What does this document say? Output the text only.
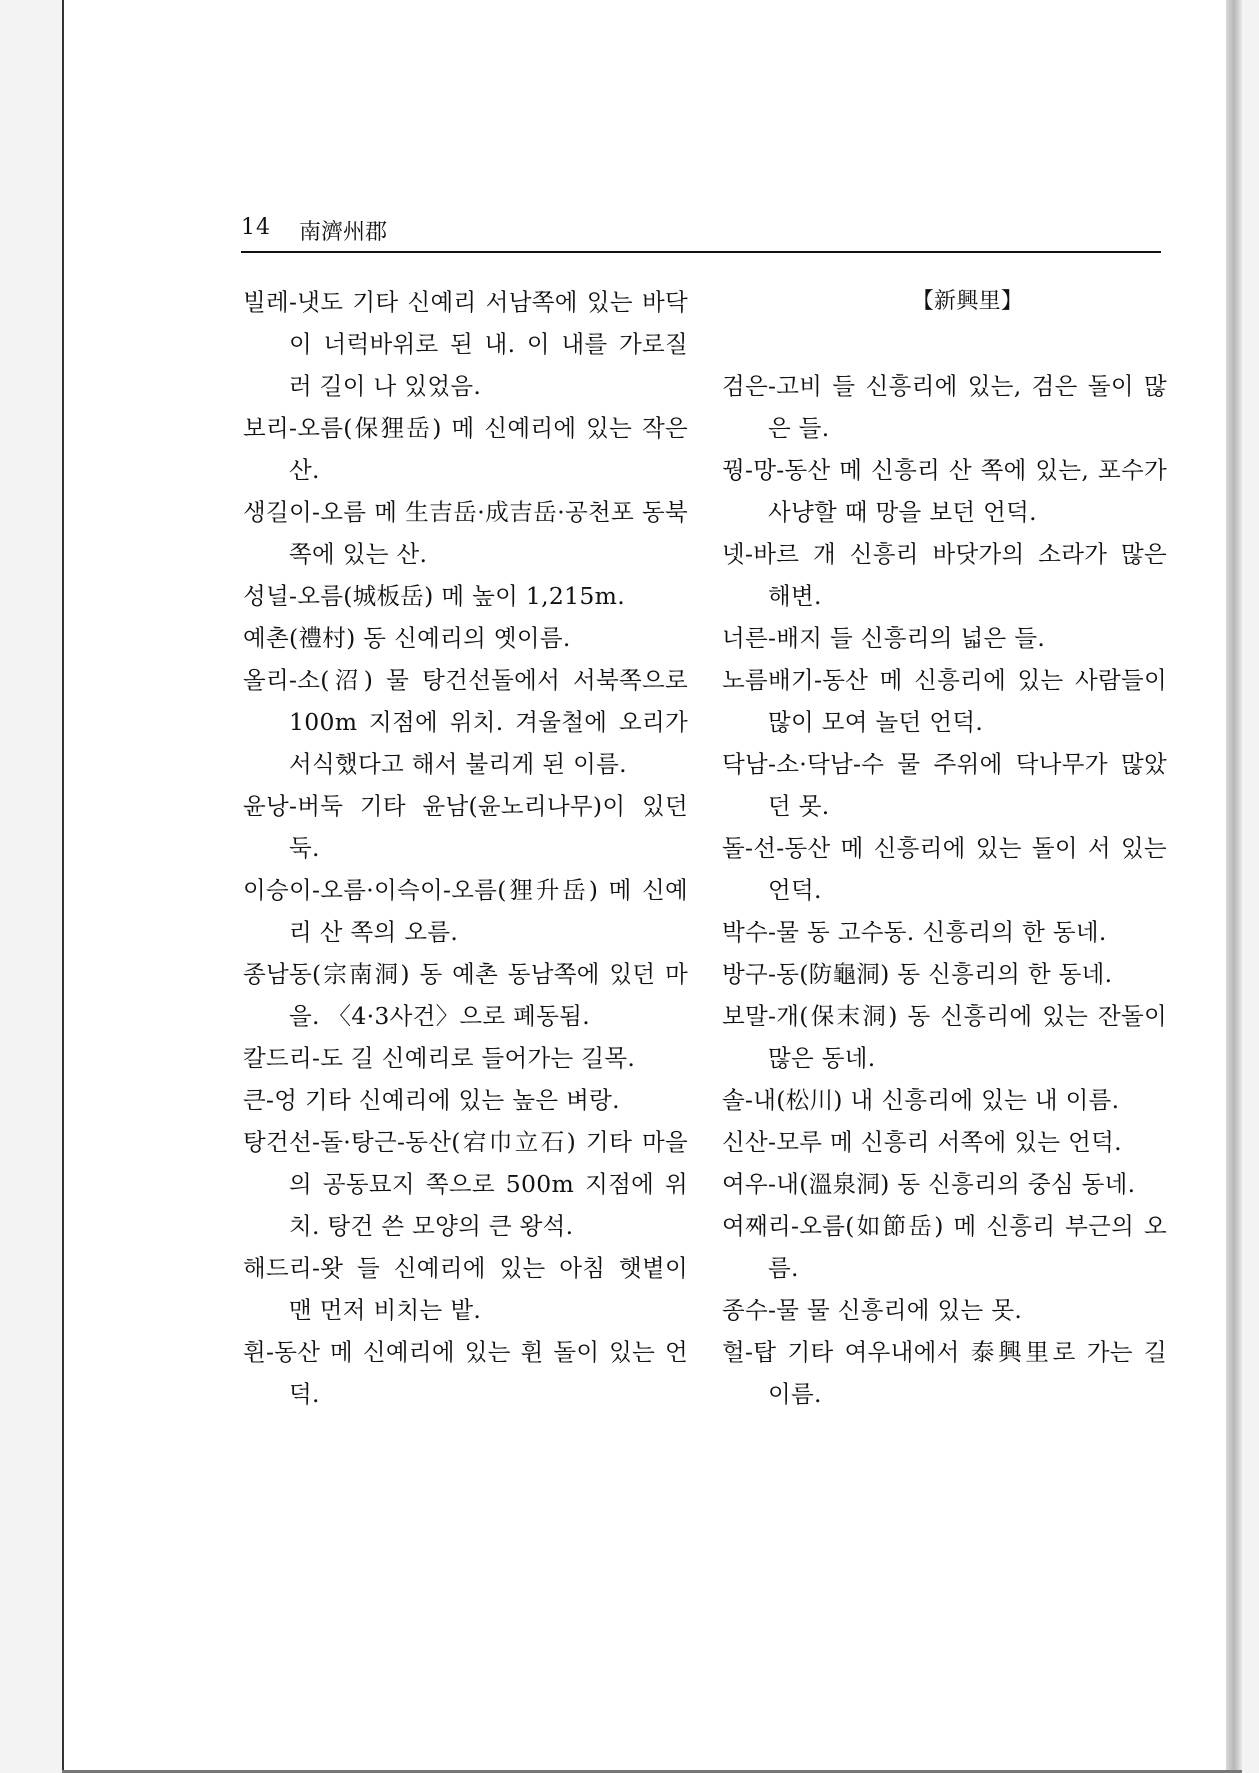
14 南濟州郡
빌레-냇도 기타 신예리 서남쪽에 있는 바닥이 너럭바위로 된 내. 이 내를 가로질러 길이 나 있었음.
보리-오름(保狸岳) 메 신예리에 있는 작은 산.
생길이-오름 메 生吉岳·成吉岳·공천포 동북쪽에 있는 산.
성널-오름(城板岳) 메 높이 1,215m.
예촌(禮村) 동 신예리의 옛이름.
올리-소(沼) 물 탕건선돌에서 서북쪽으로 100m 지점에 위치. 겨울철에 오리가 서식했다고 해서 불리게 된 이름.
윤낭-버둑 기타 윤남(윤노리나무)이 있던 둑.
이승이-오름·이슥이-오름(狸升岳) 메 신예리 산 쪽의 오름.
종남동(宗南洞) 동 예촌 동남쪽에 있던 마을. 〈4·3사건〉으로 폐동됨.
칼드리-도 길 신예리로 들어가는 길목.
큰-엉 기타 신예리에 있는 높은 벼랑.
탕건선-돌·탕근-동산(宕巾立石) 기타 마을의 공동묘지 쪽으로 500m 지점에 위치. 탕건 쓴 모양의 큰 왕석.
해드리-왓 들 신예리에 있는 아침 햇볕이 맨 먼저 비치는 밭.
휜-동산 메 신예리에 있는 휜 돌이 있는 언덕.
【新興里】
검은-고비 들 신흥리에 있는, 검은 돌이 많은 들.
꿩-망-동산 메 신흥리 산 쪽에 있는, 포수가 사냥할 때 망을 보던 언덕.
넷-바르 개 신흥리 바닷가의 소라가 많은 해변.
너른-배지 들 신흥리의 넓은 들.
노름배기-동산 메 신흥리에 있는 사람들이 많이 모여 놀던 언덕.
닥남-소·닥남-수 물 주위에 닥나무가 많았던 못.
돌-선-동산 메 신흥리에 있는 돌이 서 있는 언덕.
박수-물 동 고수동. 신흥리의 한 동네.
방구-동(防龜洞) 동 신흥리의 한 동네.
보말-개(保末洞) 동 신흥리에 있는 잔돌이 많은 동네.
솔-내(松川) 내 신흥리에 있는 내 이름.
신산-모루 메 신흥리 서쪽에 있는 언덕.
여우-내(溫泉洞) 동 신흥리의 중심 동네.
여째리-오름(如節岳) 메 신흥리 부근의 오름.
종수-물 물 신흥리에 있는 못.
헐-탑 기타 여우내에서 泰興里로 가는 길 이름.
